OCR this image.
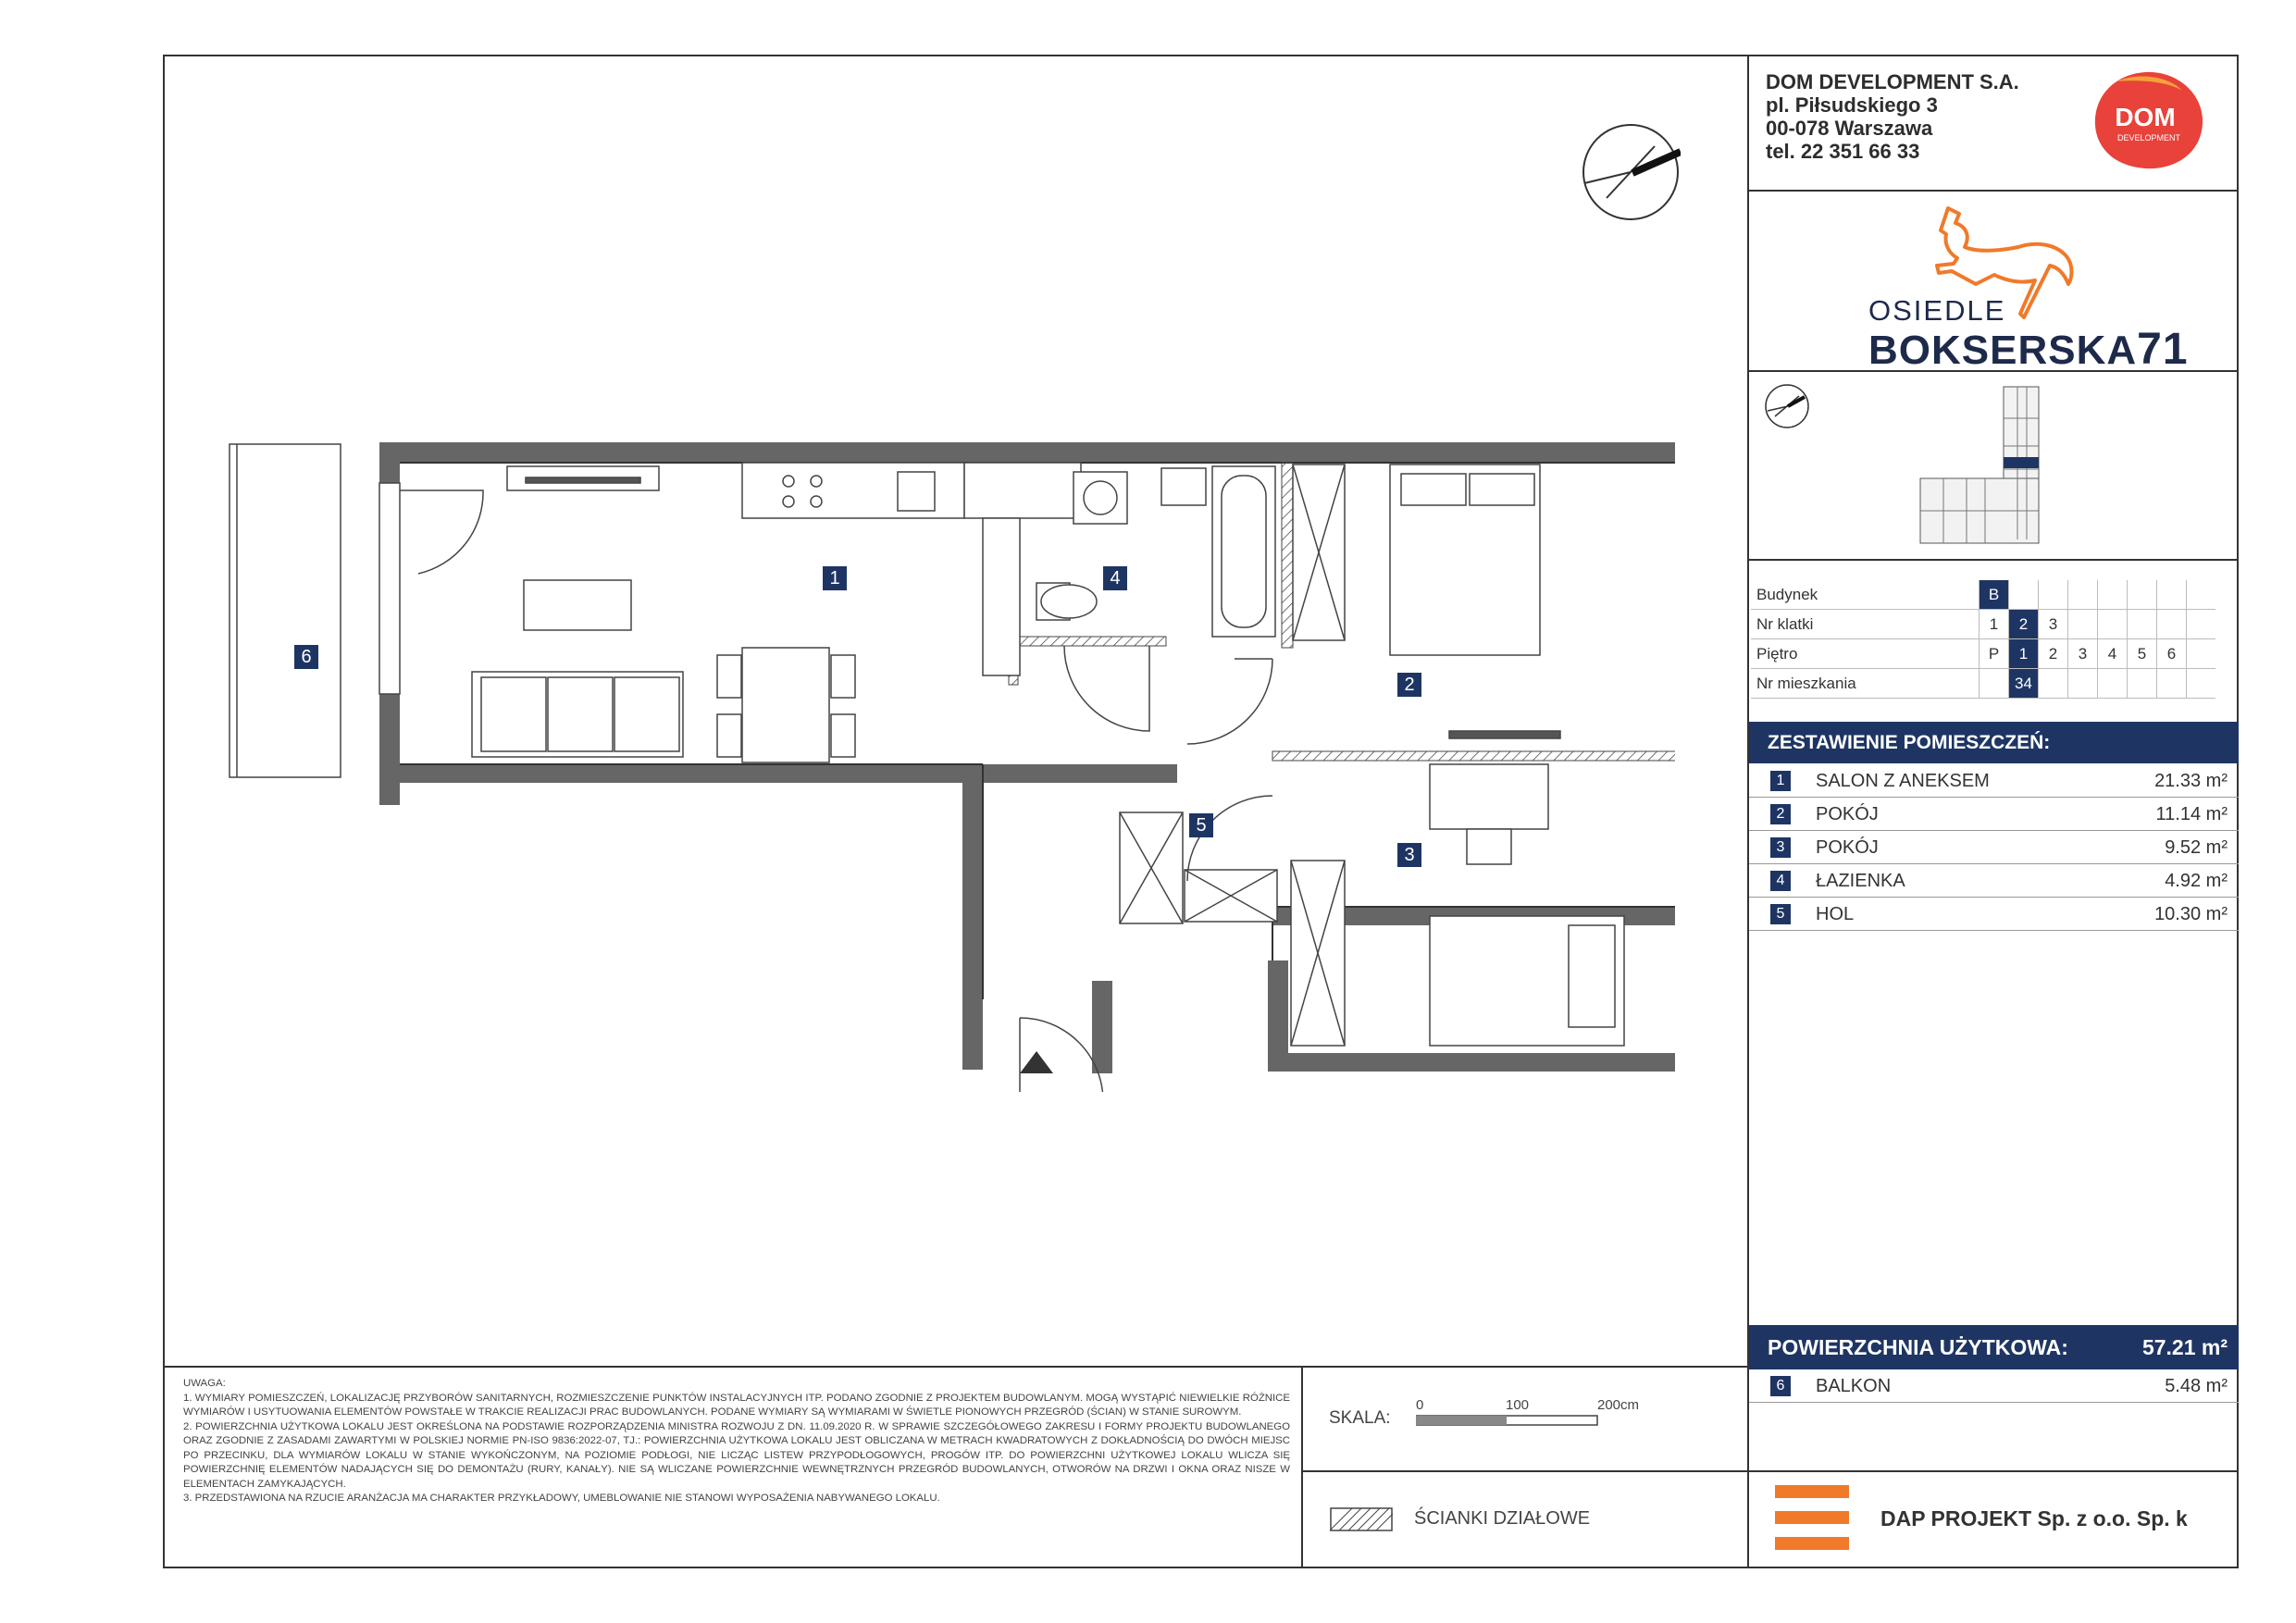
DOM DEVELOPMENT S.A.
pl. Piłsudskiego 3
00-078 Warszawa
tel. 22 351 66 33
DOM
DEVELOPMENT
OSIEDLE
BOKSERSKA71
Budynek	B							
Nr klatki	1	2	3					
Piętro	P	1	2	3	4	5	6	
Nr mieszkania		34						
ZESTAWIENIE POMIESZCZEŃ:
1	SALON Z ANEKSEM	21.33 m²
2	POKÓJ	11.14 m²
3	POKÓJ	9.52 m²
4	ŁAZIENKA	4.92 m²
5	HOL	10.30 m²
POWIERZCHNIA UŻYTKOWA:	57.21 m²
6	BALKON	5.48 m²

UWAGA:

1. WYMIARY POMIESZCZEŃ, LOKALIZACJĘ PRZYBORÓW SANITARNYCH, ROZMIESZCZENIE PUNKTÓW INSTALACYJNYCH ITP. PODANO ZGODNIE Z PROJEKTEM BUDOWLANYM. MOGĄ WYSTĄPIĆ NIEWIELKIE RÓŻNICE WYMIARÓW I USYTUOWANIA ELEMENTÓW POWSTAŁE W TRAKCIE REALIZACJI PRAC BUDOWLANYCH. PODANE WYMIARY SĄ WYMIARAMI W ŚWIETLE PIONOWYCH PRZEGRÓD (ŚCIAN) W STANIE SUROWYM.

2. POWIERZCHNIA UŻYTKOWA LOKALU JEST OKREŚLONA NA PODSTAWIE ROZPORZĄDZENIA MINISTRA ROZWOJU Z DN. 11.09.2020 R. W SPRAWIE SZCZEGÓŁOWEGO ZAKRESU I FORMY PROJEKTU BUDOWLANEGO ORAZ ZGODNIE Z ZASADAMI ZAWARTYMI W POLSKIEJ NORMIE PN-ISO 9836:2022-07, TJ.: POWIERZCHNIA UŻYTKOWA LOKALU JEST OBLICZANA W METRACH KWADRATOWYCH Z DOKŁADNOŚCIĄ DO DWÓCH MIEJSC PO PRZECINKU, DLA WYMIARÓW LOKALU W STANIE WYKOŃCZONYM, NA POZIOMIE PODŁOGI, NIE LICZĄC LISTEW PRZYPODŁOGOWYCH, PROGÓW ITP. DO POWIERZCHNI UŻYTKOWEJ LOKALU WLICZA SIĘ POWIERZCHNIĘ ELEMENTÓW NADAJĄCYCH SIĘ DO DEMONTAŻU (RURY, KANAŁY). NIE SĄ WLICZANE POWIERZCHNIE WEWNĘTRZNYCH PRZEGRÓD BUDOWLANYCH, OTWORÓW NA DRZWI I OKNA ORAZ NISZE W ELEMENTACH ZAMYKAJĄCYCH.

3. PRZEDSTAWIONA NA RZUCIE ARANŻACJA MA CHARAKTER PRZYKŁADOWY, UMEBLOWANIE NIE STANOWI WYPOSAŻENIA NABYWANEGO LOKALU.

SKALA:
0	100	200cm
ŚCIANKI DZIAŁOWE	DAP PROJEKT Sp. z o.o. Sp. k
6
1	4
2
3
5
